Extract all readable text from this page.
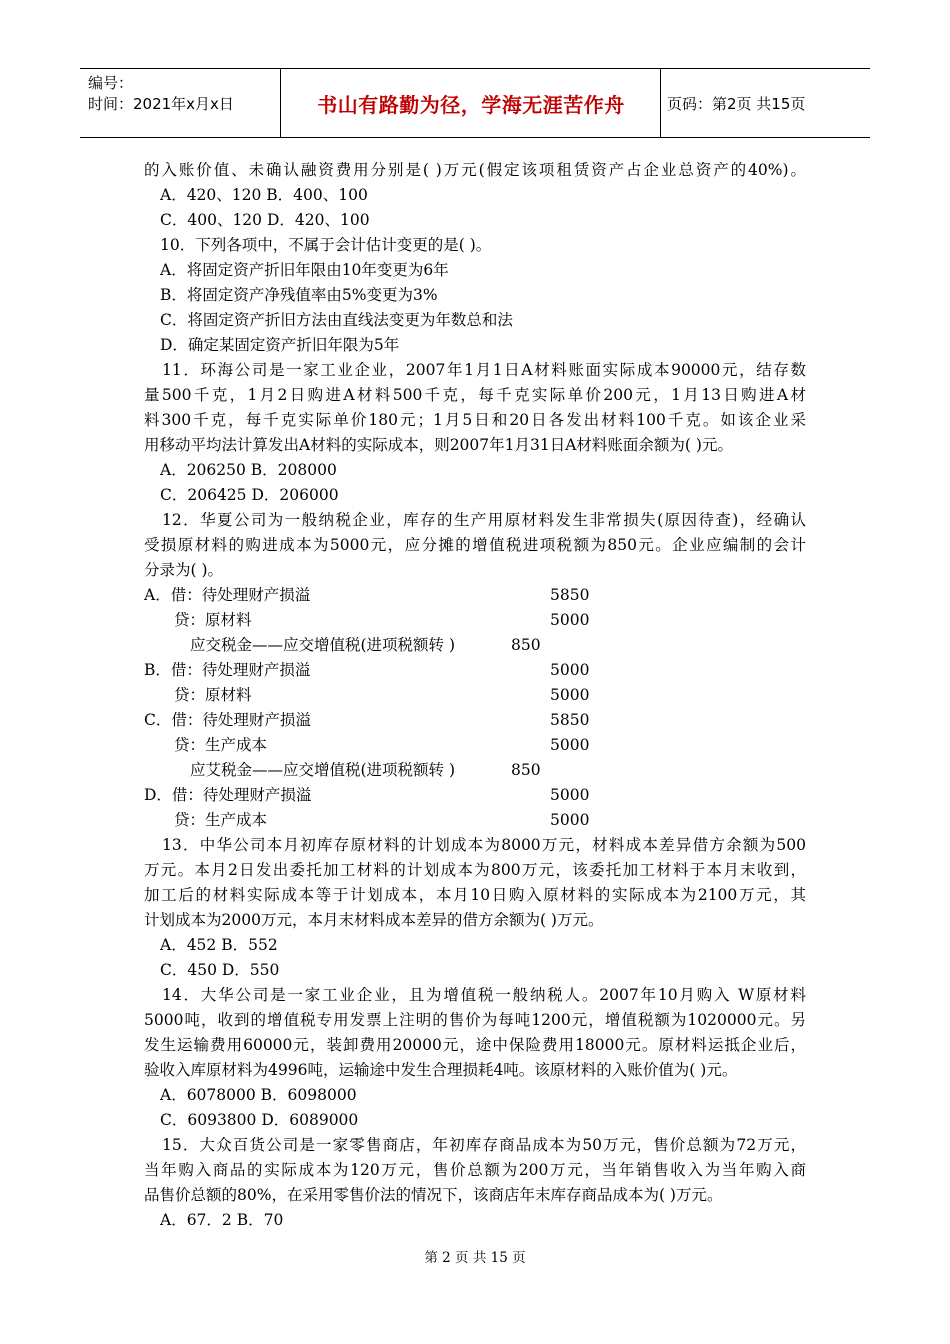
编号：
时间：2021年x月x日	书山有路勤为径，学海无涯苦作舟	页码：第2页 共15页
的入账价值、未确认融资费用分别是( )万元(假定该项租赁资产占企业总资产的40%)。
A．420、120 B．400、100
C．400、120 D．420、100
10．下列各项中，不属于会计估计变更的是( )。
A．将固定资产折旧年限由10年变更为6年
B．将固定资产净残值率由5%变更为3%
C．将固定资产折旧方法由直线法变更为年数总和法
D．确定某固定资产折旧年限为5年
11．环海公司是一家工业企业，2007年1月1日A材料账面实际成本90000元，结存数
量500千克，1月2日购进A材料500千克，每千克实际单价200元，1月13日购进A材
料300千克，每千克实际单价180元；1月5日和20日各发出材料100千克。如该企业采
用移动平均法计算发出A材料的实际成本，则2007年1月31日A材料账面余额为( )元。
A．206250 B．208000
C．206425 D．206000
12．华夏公司为一般纳税企业，库存的生产用原材料发生非常损失(原因待查)，经确认
受损原材料的购进成本为5000元，应分摊的增值税进项税额为850元。企业应编制的会计
分录为( )。
A．借：待处理财产损溢	5850
贷：原材料	5000
应交税金——应交增值税(进项税额转 )	850
B．借：待处理财产损溢	5000
贷：原材料	5000
C．借：待处理财产损溢	5850
贷：生产成本	5000
应艾税金——应交增值税(进项税额转 )	850
D．借：待处理财产损溢	5000
贷：生产成本	5000
13．中华公司本月初库存原材料的计划成本为8000万元，材料成本差异借方余额为500
万元。本月2日发出委托加工材料的计划成本为800万元，该委托加工材料于本月末收到，
加工后的材料实际成本等于计划成本，本月10日购入原材料的实际成本为2100万元，其
计划成本为2000万元，本月末材料成本差异的借方余额为( )万元。
A．452 B．552
C．450 D．550
14．大华公司是一家工业企业，且为增值税一般纳税人。2007年10月购入 W原材料
5000吨，收到的增值税专用发票上注明的售价为每吨1200元，增值税额为1020000元。另
发生运输费用60000元，装卸费用20000元，途中保险费用18000元。原材料运抵企业后，
验收入库原材料为4996吨，运输途中发生合理损耗4吨。该原材料的入账价值为( )元。
A．6078000 B．6098000
C．6093800 D．6089000
15．大众百货公司是一家零售商店，年初库存商品成本为50万元，售价总额为72万元，
当年购入商品的实际成本为120万元，售价总额为200万元，当年销售收入为当年购入商
品售价总额的80%，在采用零售价法的情况下，该商店年末库存商品成本为( )万元。
A．67．2 B．70
第 2 页 共 15 页
